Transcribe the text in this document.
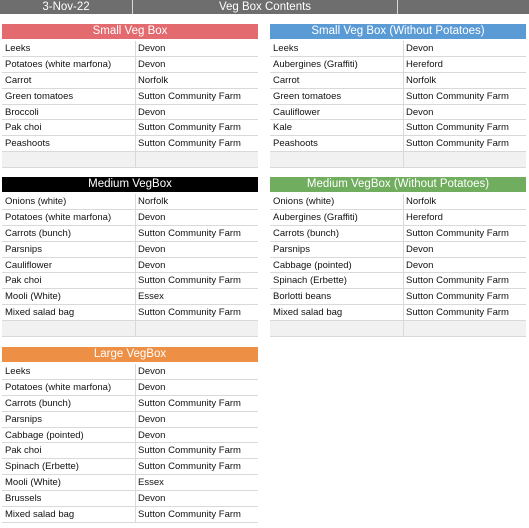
3-Nov-22	Veg Box Contents
Small Veg Box
Leeks	Devon
Potatoes (white marfona)	Devon
Carrot	Norfolk
Green tomatoes	Sutton Community Farm
Broccoli	Devon
Pak choi	Sutton Community Farm
Peashoots	Sutton Community Farm
Small Veg Box (Without Potatoes)
Leeks	Devon
Aubergines (Graffiti)	Hereford
Carrot	Norfolk
Green tomatoes	Sutton Community Farm
Cauliflower	Devon
Kale	Sutton Community Farm
Peashoots	Sutton Community Farm
Medium VegBox
Onions (white)	Norfolk
Potatoes (white marfona)	Devon
Carrots (bunch)	Sutton Community Farm
Parsnips	Devon
Cauliflower	Devon
Pak choi	Sutton Community Farm
Mooli (White)	Essex
Mixed salad bag	Sutton Community Farm
Medium VegBox (Without Potatoes)
Onions (white)	Norfolk
Aubergines (Graffiti)	Hereford
Carrots (bunch)	Sutton Community Farm
Parsnips	Devon
Cabbage (pointed)	Devon
Spinach (Erbette)	Sutton Community Farm
Borlotti beans	Sutton Community Farm
Mixed salad bag	Sutton Community Farm
Large VegBox
Leeks	Devon
Potatoes (white marfona)	Devon
Carrots (bunch)	Sutton Community Farm
Parsnips	Devon
Cabbage (pointed)	Devon
Pak choi	Sutton Community Farm
Spinach (Erbette)	Sutton Community Farm
Mooli (White)	Essex
Brussels	Devon
Mixed salad bag	Sutton Community Farm
